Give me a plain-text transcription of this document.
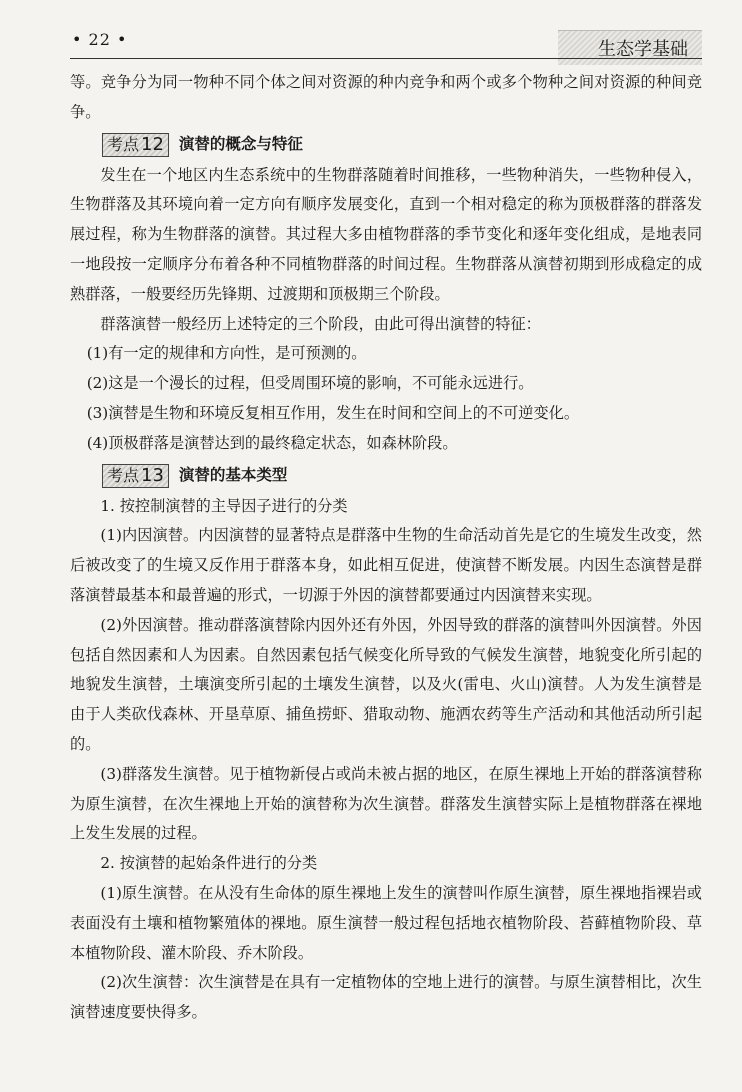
• 22 •	生态学基础

等。竞争分为同一物种不同个体之间对资源的种内竞争和两个或多个物种之间对资源的种间竞争。

考点 12 演替的概念与特征

发生在一个地区内生态系统中的生物群落随着时间推移，一些物种消失，一些物种侵入，生物群落及其环境向着一定方向有顺序发展变化，直到一个相对稳定的称为顶极群落的群落发展过程，称为生物群落的演替。其过程大多由植物群落的季节变化和逐年变化组成，是地表同一地段按一定顺序分布着各种不同植物群落的时间过程。生物群落从演替初期到形成稳定的成熟群落，一般要经历先锋期、过渡期和顶极期三个阶段。

群落演替一般经历上述特定的三个阶段，由此可得出演替的特征：

(1)有一定的规律和方向性，是可预测的。

(2)这是一个漫长的过程，但受周围环境的影响，不可能永远进行。

(3)演替是生物和环境反复相互作用，发生在时间和空间上的不可逆变化。

(4)顶极群落是演替达到的最终稳定状态，如森林阶段。

考点 13 演替的基本类型

1. 按控制演替的主导因子进行的分类

(1)内因演替。内因演替的显著特点是群落中生物的生命活动首先是它的生境发生改变，然后被改变了的生境又反作用于群落本身，如此相互促进，使演替不断发展。内因生态演替是群落演替最基本和最普遍的形式，一切源于外因的演替都要通过内因演替来实现。

(2)外因演替。推动群落演替除内因外还有外因，外因导致的群落的演替叫外因演替。外因包括自然因素和人为因素。自然因素包括气候变化所导致的气候发生演替，地貌变化所引起的地貌发生演替，土壤演变所引起的土壤发生演替，以及火(雷电、火山)演替。人为发生演替是由于人类砍伐森林、开垦草原、捕鱼捞虾、猎取动物、施洒农药等生产活动和其他活动所引起的。

(3)群落发生演替。见于植物新侵占或尚未被占据的地区，在原生裸地上开始的群落演替称为原生演替，在次生裸地上开始的演替称为次生演替。群落发生演替实际上是植物群落在裸地上发生发展的过程。

2. 按演替的起始条件进行的分类

(1)原生演替。在从没有生命体的原生裸地上发生的演替叫作原生演替，原生裸地指裸岩或表面没有土壤和植物繁殖体的裸地。原生演替一般过程包括地衣植物阶段、苔藓植物阶段、草本植物阶段、灌木阶段、乔木阶段。

(2)次生演替：次生演替是在具有一定植物体的空地上进行的演替。与原生演替相比，次生演替速度要快得多。
